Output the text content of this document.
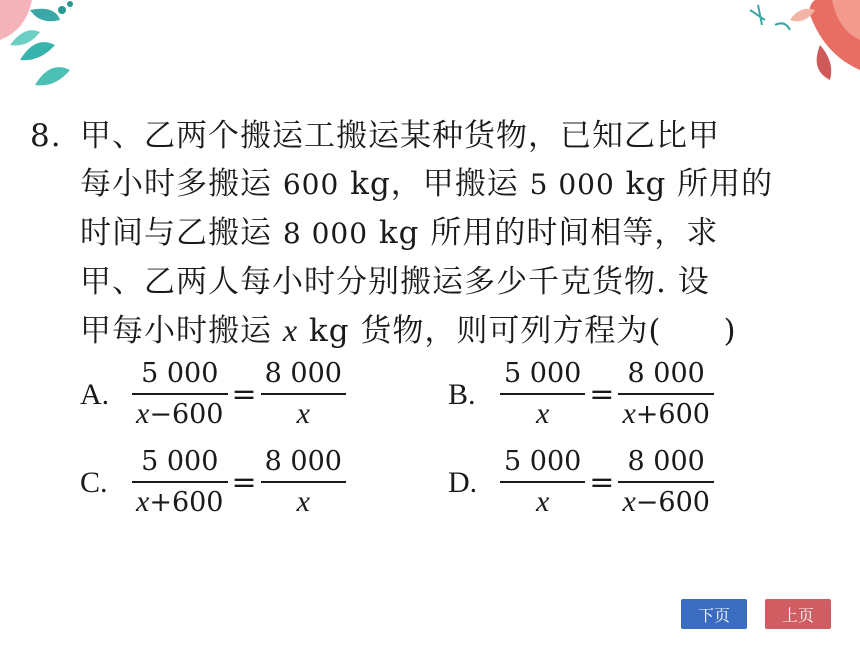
8. 甲、乙两个搬运工搬运某种货物，已知乙比甲
每小时多搬运 600 kg，甲搬运 5 000 kg 所用的
时间与乙搬运 8 000 kg 所用的时间相等，求
甲、乙两人每小时分别搬运多少千克货物. 设
甲每小时搬运 x kg 货物，则可列方程为( )
A. $\frac{5 000}{x-600} = \frac{8 000}{x}$	B. $\frac{5 000}{x} = \frac{8 000}{x+600}$
C. $\frac{5 000}{x+600} = \frac{8 000}{x}$	D. $\frac{5 000}{x} = \frac{8 000}{x-600}$
下页	上页
